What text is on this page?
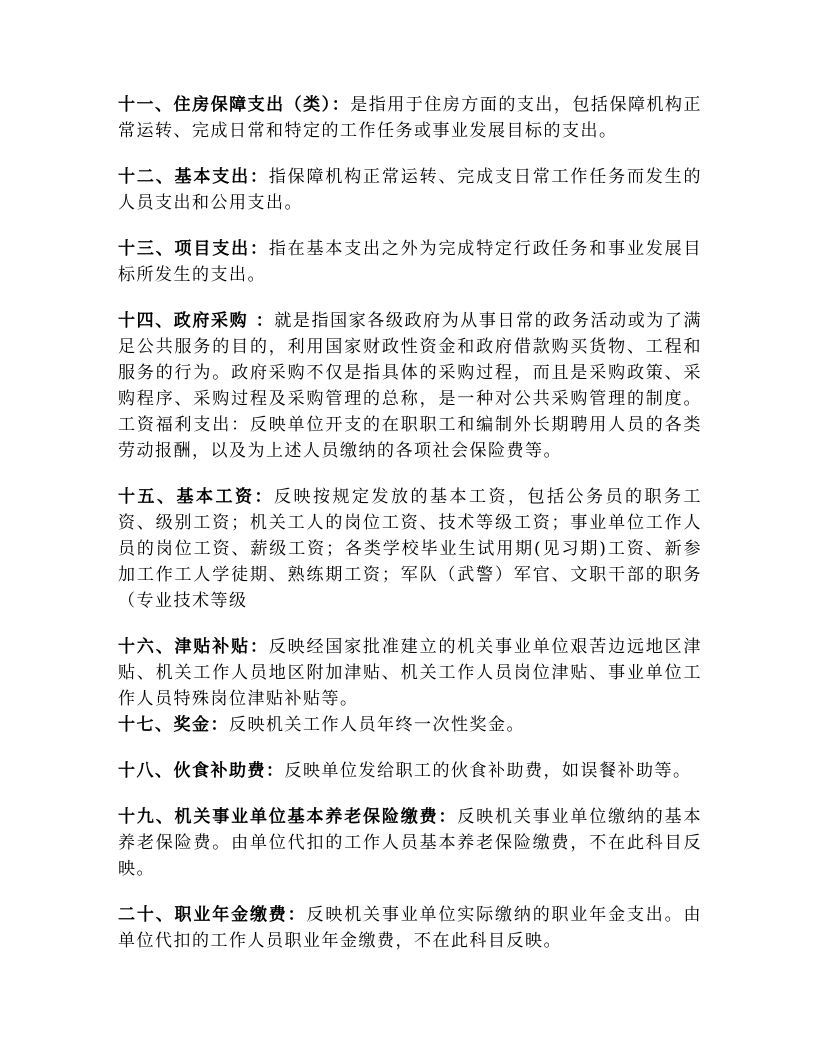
十一、住房保障支出（类）：是指用于住房方面的支出，包括保障机构正常运转、完成日常和特定的工作任务或事业发展目标的支出。

十二、基本支出：指保障机构正常运转、完成支日常工作任务而发生的人员支出和公用支出。

十三、项目支出：指在基本支出之外为完成特定行政任务和事业发展目标所发生的支出。

十四、政府采购 ：就是指国家各级政府为从事日常的政务活动或为了满足公共服务的目的，利用国家财政性资金和政府借款购买货物、工程和服务的行为。政府采购不仅是指具体的采购过程，而且是采购政策、采购程序、采购过程及采购管理的总称，是一种对公共采购管理的制度。工资福利支出：反映单位开支的在职职工和编制外长期聘用人员的各类劳动报酬，以及为上述人员缴纳的各项社会保险费等。

十五、基本工资：反映按规定发放的基本工资，包括公务员的职务工资、级别工资；机关工人的岗位工资、技术等级工资；事业单位工作人员的岗位工资、薪级工资；各类学校毕业生试用期(见习期)工资、新参加工作工人学徒期、熟练期工资；军队（武警）军官、文职干部的职务（专业技术等级

十六、津贴补贴：反映经国家批准建立的机关事业单位艰苦边远地区津贴、机关工作人员地区附加津贴、机关工作人员岗位津贴、事业单位工作人员特殊岗位津贴补贴等。

十七、奖金：反映机关工作人员年终一次性奖金。

十八、伙食补助费：反映单位发给职工的伙食补助费，如误餐补助等。

十九、机关事业单位基本养老保险缴费：反映机关事业单位缴纳的基本养老保险费。由单位代扣的工作人员基本养老保险缴费，不在此科目反映。

二十、职业年金缴费：反映机关事业单位实际缴纳的职业年金支出。由单位代扣的工作人员职业年金缴费，不在此科目反映。
